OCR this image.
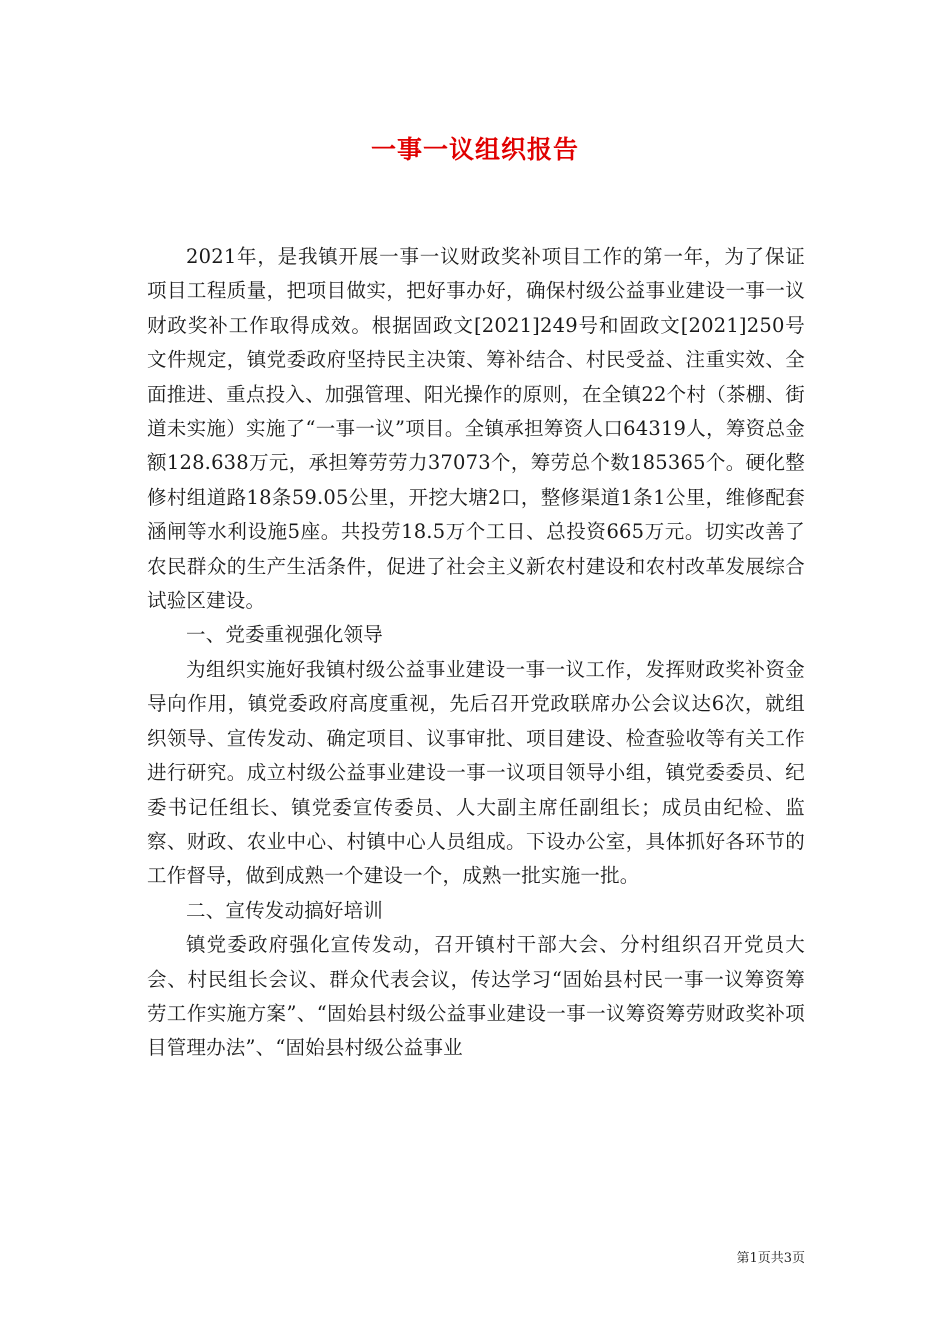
一事一议组织报告

2021年，是我镇开展一事一议财政奖补项目工作的第一年，为了保证项目工程质量，把项目做实，把好事办好，确保村级公益事业建设一事一议财政奖补工作取得成效。根据固政文[2021]249号和固政文[2021]250号文件规定，镇党委政府坚持民主决策、筹补结合、村民受益、注重实效、全面推进、重点投入、加强管理、阳光操作的原则，在全镇22个村（茶棚、街道未实施）实施了“一事一议”项目。全镇承担筹资人口64319人，筹资总金额128.638万元，承担筹劳劳力37073个，筹劳总个数185365个。硬化整修村组道路18条59.05公里，开挖大塘2口，整修渠道1条1公里，维修配套涵闸等水利设施5座。共投劳18.5万个工日、总投资665万元。切实改善了农民群众的生产生活条件，促进了社会主义新农村建设和农村改革发展综合试验区建设。

一、党委重视强化领导

为组织实施好我镇村级公益事业建设一事一议工作，发挥财政奖补资金导向作用，镇党委政府高度重视，先后召开党政联席办公会议达6次，就组织领导、宣传发动、确定项目、议事审批、项目建设、检查验收等有关工作进行研究。成立村级公益事业建设一事一议项目领导小组，镇党委委员、纪委书记任组长、镇党委宣传委员、人大副主席任副组长；成员由纪检、监察、财政、农业中心、村镇中心人员组成。下设办公室，具体抓好各环节的工作督导，做到成熟一个建设一个，成熟一批实施一批。

二、宣传发动搞好培训

镇党委政府强化宣传发动，召开镇村干部大会、分村组织召开党员大会、村民组长会议、群众代表会议，传达学习“固始县村民一事一议筹资筹劳工作实施方案”、“固始县村级公益事业建设一事一议筹资筹劳财政奖补项目管理办法”、“固始县村级公益事业

第1页共3页
